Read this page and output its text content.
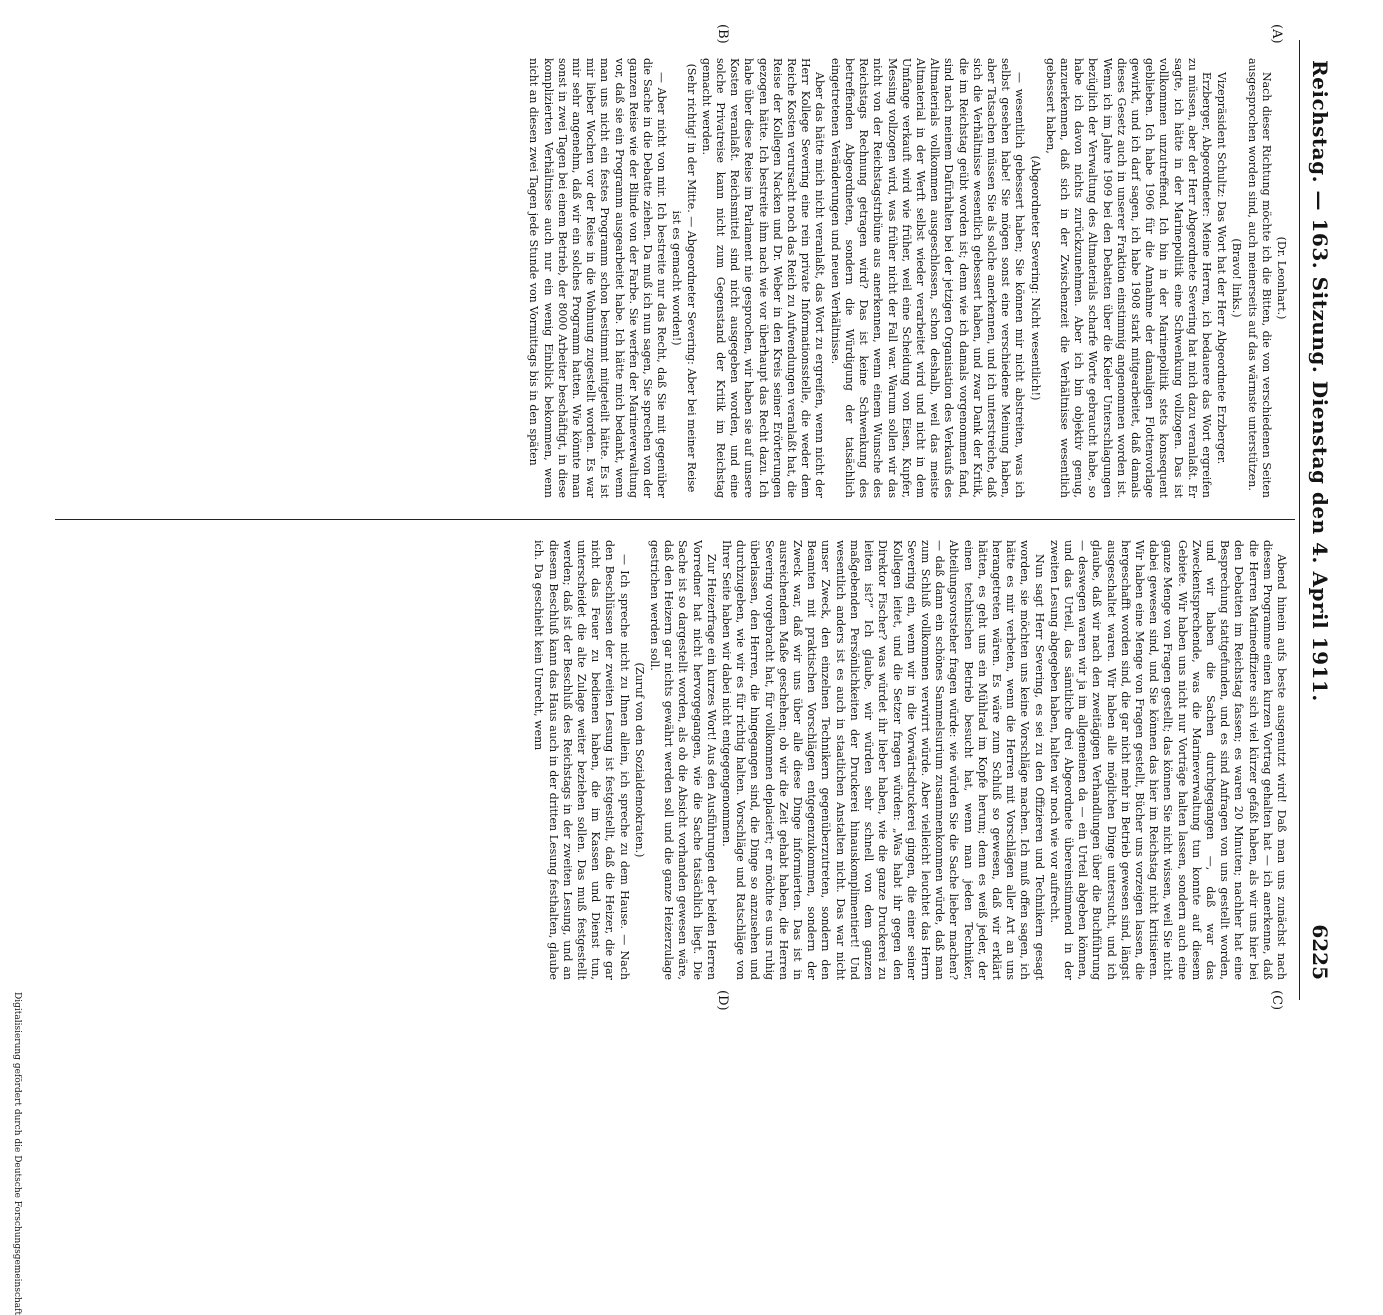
Reichstag. — 163. Sitzung. Dienstag den 4. April 1911.
6225
(A)
(B)
(C)
(D)

(Dr. Leonhart.)

Nach dieser Richtung möchte ich die Bitten, die von verschiedenen Seiten ausgesprochen worden sind, auch meinerseits auf das wärmste unterstützen.

(Bravo! links.)

Vizepräsident Schultz: Das Wort hat der Herr Abgeordnete Erzberger.

Erzberger, Abgeordneter: Meine Herren, ich bedauere das Wort ergreifen zu müssen, aber der Herr Abgeordnete Severing hat mich dazu veranlaßt. Er sagte, ich hätte in der Marinepolitik eine Schwenkung vollzogen. Das ist vollkommen unzutreffend. Ich bin in der Marinepolitik stets konsequent geblieben. Ich habe 1906 für die Annahme der damaligen Flottenvorlage gewirkt, und ich darf sagen, ich habe 1908 stark mitgearbeitet, daß damals dieses Gesetz auch in unserer Fraktion einstimmig angenommen worden ist. Wenn ich im Jahre 1909 bei den Debatten über die Kieler Unterschlagungen bezüglich der Verwaltung des Altmaterials scharfe Worte gebraucht habe, so habe ich davon nichts zurückzunehmen. Aber ich bin objektiv genug, anzuerkennen, daß sich in der Zwischenzeit die Verhältnisse wesentlich gebessert haben,

(Abgeordneter Severing: Nicht wesentlich!)

— wesentlich gebessert haben; Sie können mir nicht abstreiten, was ich selbst gesehen habe! Sie mögen sonst eine verschiedene Meinung haben, aber Tatsachen müssen Sie als solche anerkennen, und ich unterstreiche, daß sich die Verhältnisse wesentlich gebessert haben, und zwar Dank der Kritik, die im Reichstag geübt worden ist; denn wie ich damals vorgenommen fand, sind nach meinem Dafürhalten bei der jetzigen Organisation des Verkaufs des Altmaterials vollkommen ausgeschlossen, schon deshalb, weil das meiste Altmaterial in der Werft selbst wieder verarbeitet wird und nicht in dem Umfange verkauft wird wie früher, weil eine Scheidung von Eisen, Kupfer, Messing vollzogen wird, was früher nicht der Fall war. Warum sollen wir das nicht von der Reichstagstribüne aus anerkennen, wenn einem Wunsche des Reichstags Rechnung getragen wird? Das ist keine Schwenkung des betreffenden Abgeordneten, sondern die Würdigung der tatsächlich eingetretenen Veränderungen und neuen Verhältnisse.

Aber das hätte mich nicht veranlaßt, das Wort zu ergreifen, wenn nicht der Herr Kollege Severing eine rein private Informationsstelle, die weder dem Reiche Kosten verursacht noch das Reich zu Aufwendungen veranlaßt hat, die Reise der Kollegen Nacken und Dr. Weber in den Kreis seiner Erörterungen gezogen hätte. Ich bestreite ihm nach wie vor überhaupt das Recht dazu. Ich habe über diese Reise im Parlament nie gesprochen, wir haben sie auf unsere Kosten veranlaßt. Reichsmittel sind nicht ausgegeben worden, und eine solche Privatreise kann nicht zum Gegenstand der Kritik im Reichstag gemacht werden.

(Sehr richtig! in der Mitte. — Abgeordneter Severing: Aber bei meiner Reise ist es gemacht worden!)

— Aber nicht von mir. Ich bestreite nur das Recht, daß Sie mit gegenüber die Sache in die Debatte ziehen. Da muß ich nun sagen, Sie sprechen von der ganzen Reise wie der Blinde von der Farbe. Sie werfen der Marineverwaltung vor, daß sie ein Programm ausgearbeitet habe. Ich hätte mich bedankt, wenn man uns nicht ein festes Programm schon bestimmt mitgeteilt hätte. Es ist mir lieber Wochen vor der Reise in die Wohnung zugestellt worden. Es war mir sehr angenehm, daß wir ein solches Programm hatten. Wie könnte man sonst in zwei Tagen bei einem Betrieb, der 8000 Arbeiter beschäftigt, in diese komplizierten Verhältnisse auch nur ein wenig Einblick bekommen, wenn nicht an diesen zwei Tagen jede Stunde von Vormittags bis in den späten

Abend hinein aufs beste ausgenutzt wird! Daß man uns zunächst nach diesem Programme einen kurzen Vortrag gehalten hat — ich anerkenne, daß die Herren Marineoffiziere sich viel kürzer gefaßt haben, als wir uns hier bei den Debatten im Reichstag fassen; es waren 20 Minuten; nachher hat eine Besprechung stattgefunden, und es sind Anfragen von uns gestellt worden, und wir haben die Sachen durchgegangen —, daß war das Zweckentsprechende, was die Marineverwaltung tun konnte auf diesem Gebiete. Wir haben uns nicht nur Vorträge halten lassen, sondern auch eine ganze Menge von Fragen gestellt; das können Sie nicht wissen, weil Sie nicht dabei gewesen sind, und Sie können das hier im Reichstag nicht kritisieren. Wir haben eine Menge von Fragen gestellt, Bücher uns vorzeigen lassen, die hergeschafft worden sind, die gar nicht mehr in Betrieb gewesen sind, längst ausgeschaltet waren. Wir haben alle möglichen Dinge untersucht, und ich glaube, daß wir nach den zweitägigen Verhandlungen über die Buchführung — deswegen waren wir ja im allgemeinen da — ein Urteil abgeben können, und das Urteil, das sämtliche drei Abgeordnete übereinstimmend in der zweiten Lesung abgegeben haben, halten wir noch wie vor aufrecht.

Nun sagt Herr Severing, es sei zu den Offizieren und Technikern gesagt worden, sie möchten uns keine Vorschläge machen. Ich muß offen sagen, ich hätte es mir verbeten, wenn die Herren mit Vorschlägen aller Art an uns herangetreten wären. Es wäre zum Schluß so gewesen, daß wir erklärt hätten, es geht uns ein Mühlrad im Kopfe herum; denn es weiß jeder, der einen technischen Betrieb besucht hat, wenn man jeden Techniker, Abteilungsvorsteher fragen würde: wie würden Sie die Sache lieber machen? — daß dann ein schönes Sammelsurium zusammenkommen würde, daß man zum Schluß vollkommen verwirrt würde. Aber vielleicht leuchtet das Herrn Severing ein, wenn wir in die Vorwärtsdruckerei gingen, die einer seiner Kollegen leitet, und die Setzer fragen würden: „Was habt ihr gegen den Direktor Fischer? was würdet ihr lieber haben, wie die ganze Druckerei zu leiten ist?“ Ich glaube, wir würden sehr schnell von dem ganzen maßgebenden Persönlichkeiten der Druckerei hinauskomplimentiert! Und wesentlich anders ist es auch in staatlichen Anstalten nicht. Das war nicht unser Zweck, den einzelnen Technikern gegenüberzutreten, sondern den Beamten mit praktischen Vorschlägen entgegenzukommen, sondern der Zweck war, daß wir uns über alle diese Dinge informierten. Das ist in ausreichendem Maße geschehen; ob wir die Zeit gehabt haben, die Herren Severing vorgebracht hat, für vollkommen deplaciert; er möchte es uns ruhig überlassen, den Herren, die hingegangen sind, die Dinge so anzusehen und durchzugeben, wie wir es für richtig halten. Vorschläge und Ratschläge von Ihrer Seite haben wir dabei nicht entgegengenommen.

Zur Heizerfrage ein kurzes Wort! Aus den Ausführungen der beiden Herren Vorredner hat nicht hervorgegangen, wie die Sache tatsächlich liegt. Die Sache ist so dargestellt worden, als ob die Absicht vorhanden gewesen wäre, daß den Heizern gar nichts gewährt werden soll und die ganze Heizerzulage gestrichen werden soll.

(Zuruf von den Sozialdemokraten.)

— Ich spreche nicht zu Ihnen allein, ich spreche zu dem Hause. — Nach den Beschlüssen der zweiten Lesung ist festgestellt, daß die Heizer, die gar nicht das Feuer zu bedienen haben, die im Kassen und Dienst tun, unterscheidet die alte Zulage weiter beziehen sollen. Das muß festgestellt werden; daß ist der Beschluß des Reichstags in der zweiten Lesung, und an diesem Beschluß kann das Haus auch in der dritten Lesung festhalten, glaube ich. Da geschieht kein Unrecht, wenn

Digitalisierung gefördert durch die Deutsche Forschungsgemeinschaft
